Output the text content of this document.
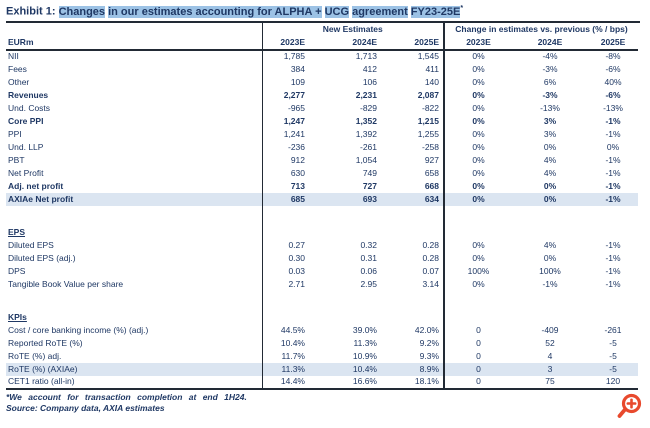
Exhibit 1: Changes in our estimates accounting for ALPHA + UCG agreement FY23-25E*
	New Estimates			Change in estimates vs. previous (% / bps)		
EURm	2023E	2024E	2025E	2023E	2024E	2025E
NII	1,785	1,713	1,545	0%	-4%	-8%
Fees	384	412	411	0%	-3%	-6%
Other	109	106	140	0%	6%	40%
Revenues	2,277	2,231	2,087	0%	-3%	-6%
Und. Costs	-965	-829	-822	0%	-13%	-13%
Core PPI	1,247	1,352	1,215	0%	3%	-1%
PPI	1,241	1,392	1,255	0%	3%	-1%
Und. LLP	-236	-261	-258	0%	0%	0%
PBT	912	1,054	927	0%	4%	-1%
Net Profit	630	749	658	0%	4%	-1%
Adj. net profit	713	727	668	0%	0%	-1%
AXIAe Net profit	685	693	634	0%	0%	-1%

EPS						
Diluted EPS	0.27	0.32	0.28	0%	4%	-1%
Diluted EPS (adj.)	0.30	0.31	0.28	0%	0%	-1%
DPS	0.03	0.06	0.07	100%	100%	-1%
Tangible Book Value per share	2.71	2.95	3.14	0%	-1%	-1%

KPIs						
Cost / core banking income (%) (adj.)	44.5%	39.0%	42.0%	0	-409	-261
Reported RoTE (%)	10.4%	11.3%	9.2%	0	52	-5
RoTE (%) adj.	11.7%	10.9%	9.3%	0	4	-5
RoTE (%) (AXIAe)	11.3%	10.4%	8.9%	0	3	-5
CET1 ratio (all-in)	14.4%	16.6%	18.1%	0	75	120
*We account for transaction completion at end 1H24.
Source: Company data, AXIA estimates
